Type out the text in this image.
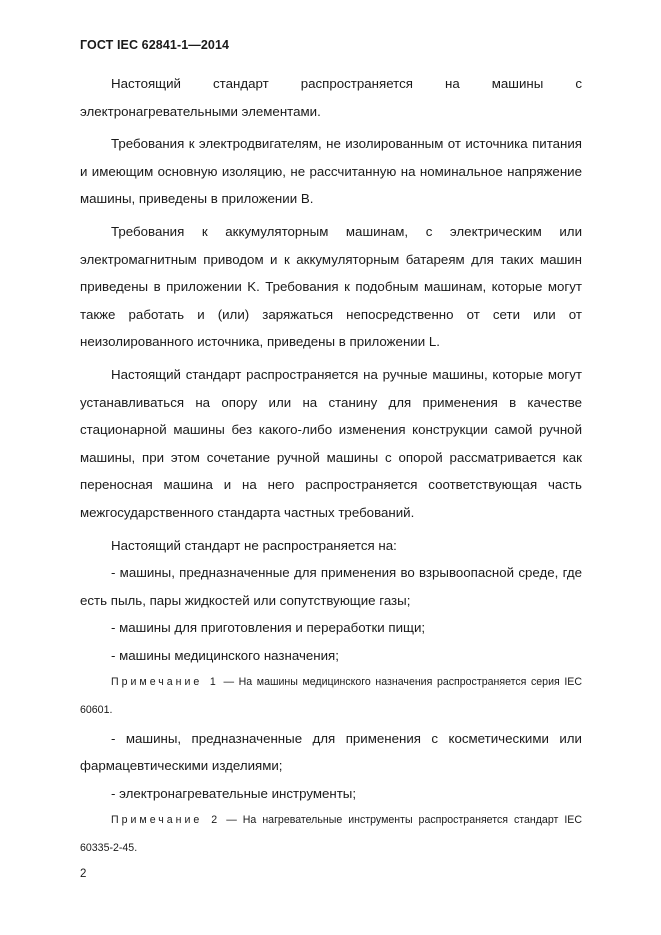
ГОСТ IEC 62841-1—2014

Настоящий стандарт распространяется на машины с электронагревательными элементами.

Требования к электродвигателям, не изолированным от источника питания и имеющим основную изоляцию, не рассчитанную на номинальное напряжение машины, приведены в приложении B.

Требования к аккумуляторным машинам, с электрическим или электромагнитным приводом и к аккумуляторным батареям для таких машин приведены в приложении K. Требования к подобным машинам, которые могут также работать и (или) заряжаться непосредственно от сети или от неизолированного источника, приведены в приложении L.

Настоящий стандарт распространяется на ручные машины, которые могут устанавливаться на опору или на станину для применения в качестве стационарной машины без какого-либо изменения конструкции самой ручной машины, при этом сочетание ручной машины с опорой рассматривается как переносная машина и на него распространяется соответствующая часть межгосударственного стандарта частных требований.

Настоящий стандарт не распространяется на:

- машины, предназначенные для применения во взрывоопасной среде, где есть пыль, пары жидкостей или сопутствующие газы;

- машины для приготовления и переработки пищи;

- машины медицинского назначения;

Примечание 1 — На машины медицинского назначения распространяется серия IEC 60601.

- машины, предназначенные для применения с косметическими или фармацевтическими изделиями;

- электронагревательные инструменты;

Примечание 2 — На нагревательные инструменты распространяется стандарт IEC 60335-2-45.

2
